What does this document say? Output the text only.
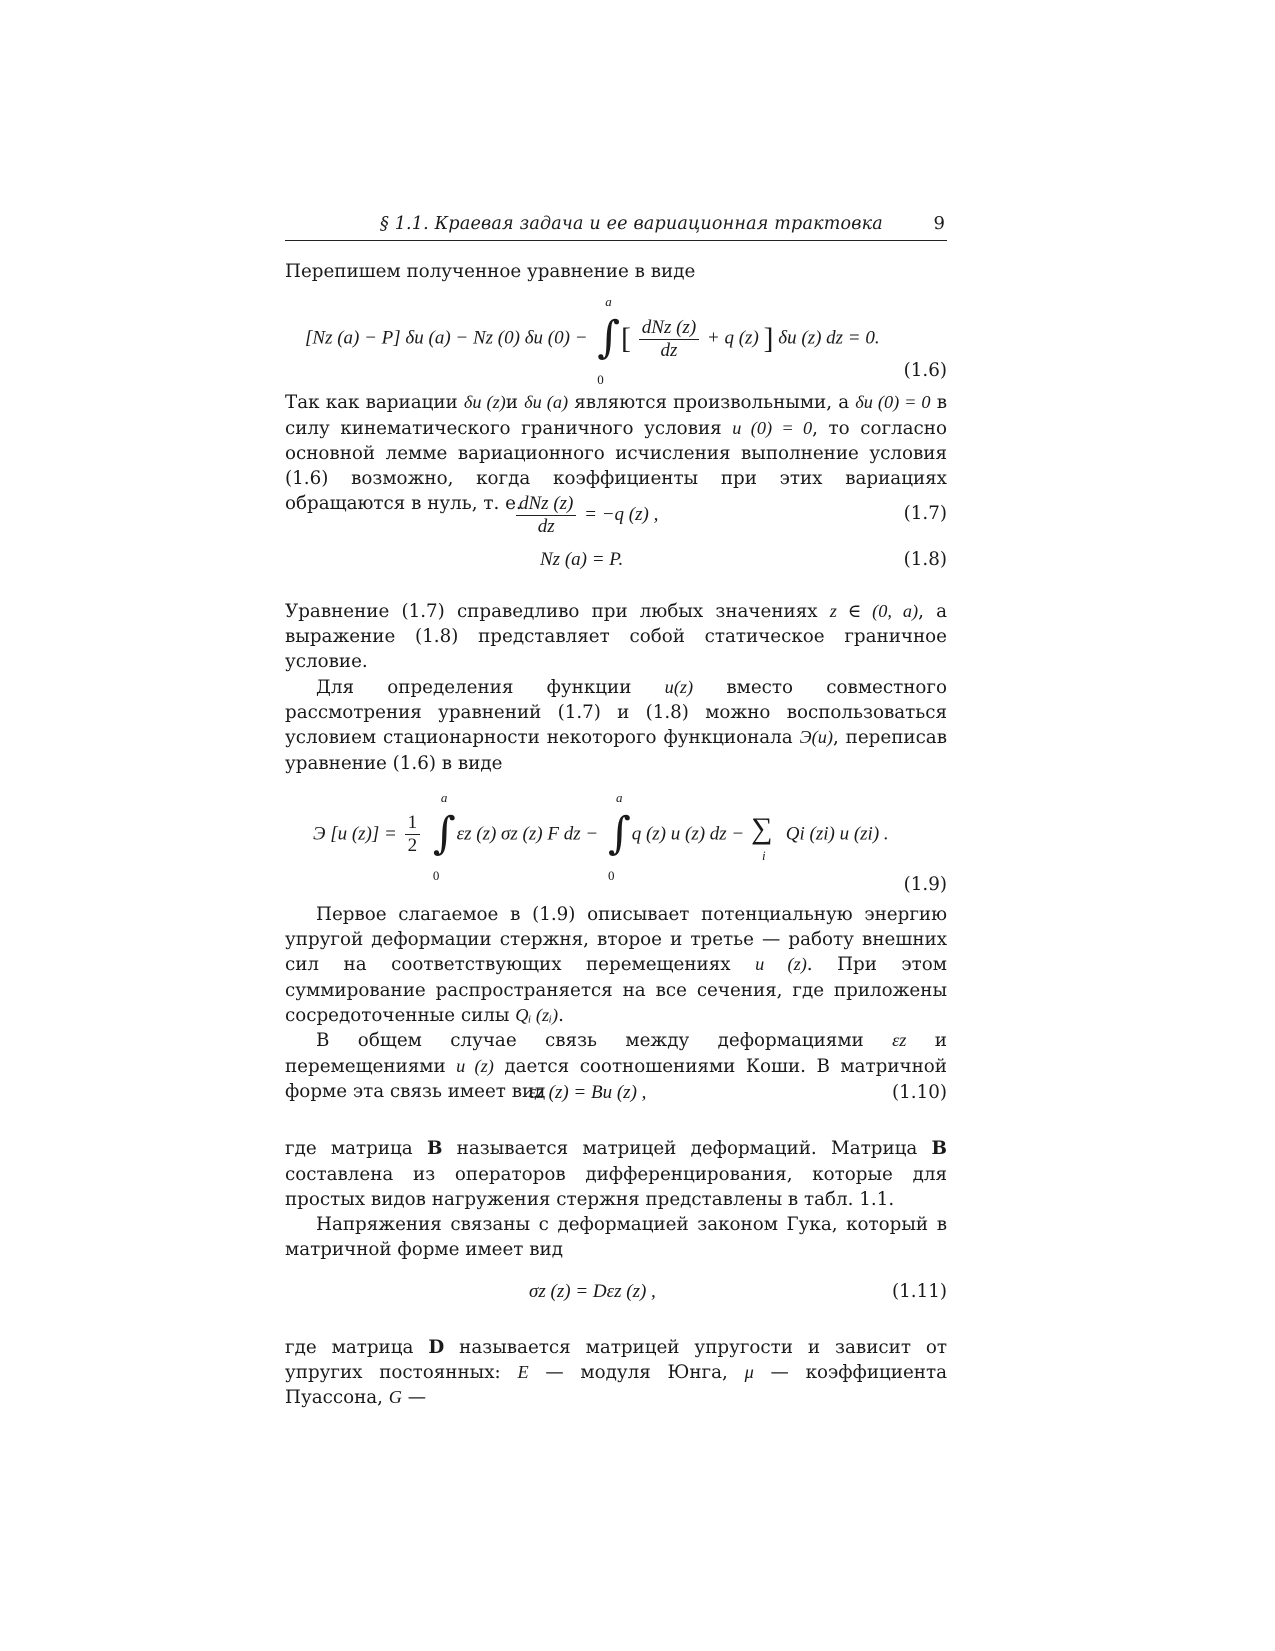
§ 1.1. Краевая задача и ее вариационная трактовка	9

Перепишем полученное уравнение в виде

[Nz (a) − P] δu (a) − Nz (0) δu (0) − ∫
a
0
[ $\frac{\text{dNz (z)}}{dz} + q$ (z) ] δu (z) dz = 0.
(1.6)

Так как вариации δu (z)и δu (a) являются произвольными, а δu (0) = 0 в силу кинематического граничного условия u (0) = 0, то согласно основной лемме вариационного исчисления выполнение условия (1.6) возможно, когда коэффициенты при этих вариациях обращаются в нуль, т. е.

$\frac{\text{dNz (z)}}{dz} = -q$ (z) ,	(1.7)
Nz (a) = P.	(1.8)

Уравнение (1.7) справедливо при любых значениях z ∈ (0, a), а выражение (1.8) представляет собой статическое граничное условие.

Для определения функции u(z) вместо совместного рассмотрения уравнений (1.7) и (1.8) можно воспользоваться условием стационарности некоторого функционала Э(u), переписав уравнение (1.6) в виде

Э [u $(z)] = \frac{1}{2}$
∫
a
0
εz (z) σz (z) F dz − ∫
a
0
q (z) u (z) dz − ∑
i
Qi (zi) u (zi) .
(1.9)

Первое слагаемое в (1.9) описывает потенциальную энергию упругой деформации стержня, второе и третье — работу внешних сил на соответствующих перемещениях u (z). При этом суммирование распространяется на все сечения, где приложены сосредоточенные силы Qᵢ (zᵢ).

В общем случае связь между деформациями εz и перемещениями u (z) дается соотношениями Коши. В матричной форме эта связь имеет вид

εz (z) = Bu (z) ,	(1.10)

где матрица B называется матрицей деформаций. Матрица B составлена из операторов дифференцирования, которые для простых видов нагружения стержня представлены в табл. 1.1.

Напряжения связаны с деформацией законом Гука, который в матричной форме имеет вид

σz (z) = Dεz (z) ,	(1.11)

где матрица D называется матрицей упругости и зависит от упругих постоянных: E — модуля Юнга, μ — коэффициента Пуассона, G —
